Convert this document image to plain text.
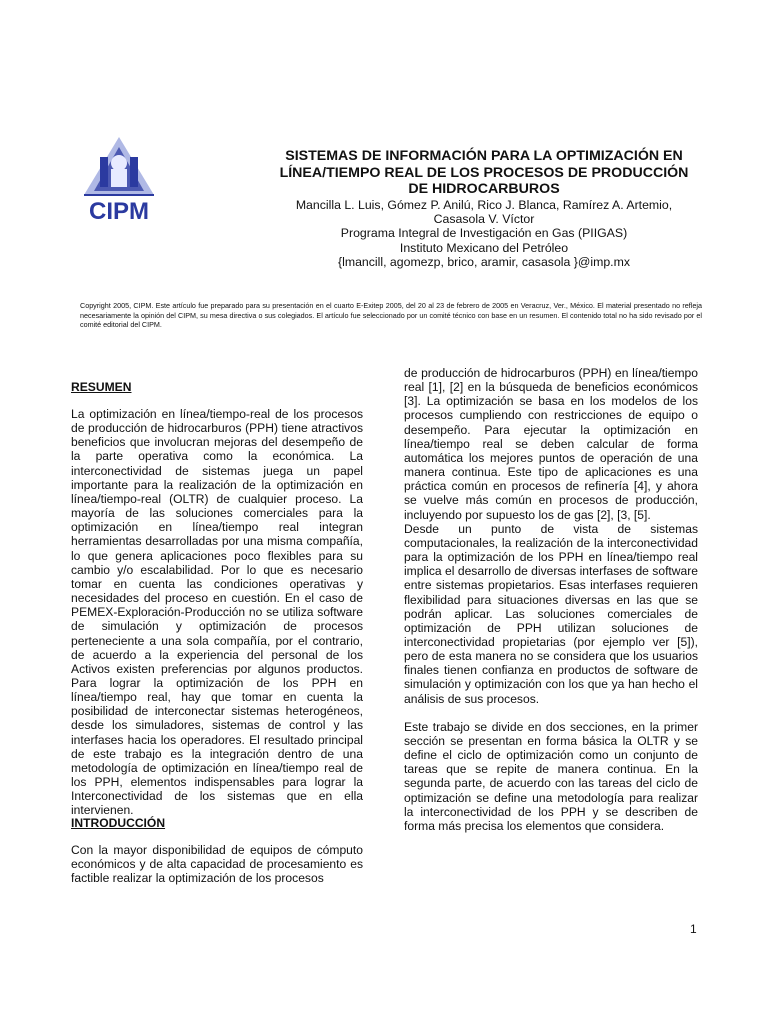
CIPM

SISTEMAS DE INFORMACIÓN PARA LA OPTIMIZACIÓN EN

LÍNEA/TIEMPO REAL DE LOS PROCESOS DE PRODUCCIÓN

DE HIDROCARBUROS

Mancilla L. Luis, Gómez P. Anilú, Rico J. Blanca, Ramírez A. Artemio,

Casasola V. Víctor

Programa Integral de Investigación en Gas (PIIGAS)

Instituto Mexicano del Petróleo

{lmancill, agomezp, brico, aramir, casasola }@imp.mx

Copyright 2005, CIPM. Este artículo fue preparado para su presentación en el cuarto E-Exitep 2005, del 20 al 23 de febrero de 2005 en Veracruz, Ver., México. El material presentado no refleja necesariamente la opinión del CIPM, su mesa directiva o sus colegiados. El artículo fue seleccionado por un comité técnico con base en un resumen. El contenido total no ha sido revisado por el comité editorial del CIPM.
RESUMEN

La optimización en línea/tiempo-real de los procesos de producción de hidrocarburos (PPH) tiene atractivos beneficios que involucran mejoras del desempeño de la parte operativa como la económica. La interconectividad de sistemas juega un papel importante para la realización de la optimización en línea/tiempo-real (OLTR) de cualquier proceso. La mayoría de las soluciones comerciales para la optimización en línea/tiempo real integran herramientas desarrolladas por una misma compañía, lo que genera aplicaciones poco flexibles para su cambio y/o escalabilidad. Por lo que es necesario tomar en cuenta las condiciones operativas y necesidades del proceso en cuestión. En el caso de PEMEX-Exploración-Producción no se utiliza software de simulación y optimización de procesos perteneciente a una sola compañía, por el contrario, de acuerdo a la experiencia del personal de los Activos existen preferencias por algunos productos. Para lograr la optimización de los PPH en línea/tiempo real, hay que tomar en cuenta la posibilidad de interconectar sistemas heterogéneos, desde los simuladores, sistemas de control y las interfases hacia los operadores. El resultado principal de este trabajo es la integración dentro de una metodología de optimización en línea/tiempo real de los PPH, elementos indispensables para lograr la Interconectividad de los sistemas que en ella intervienen.

INTRODUCCIÓN

Con la mayor disponibilidad de equipos de cómputo económicos y de alta capacidad de procesamiento es factible realizar la optimización de los procesos

de producción de hidrocarburos (PPH) en línea/tiempo real [1], [2] en la búsqueda de beneficios económicos [3]. La optimización se basa en los modelos de los procesos cumpliendo con restricciones de equipo o desempeño. Para ejecutar la optimización en línea/tiempo real se deben calcular de forma automática los mejores puntos de operación de una manera continua. Este tipo de aplicaciones es una práctica común en procesos de refinería [4], y ahora se vuelve más común en procesos de producción, incluyendo por supuesto los de gas [2], [3, [5].

Desde un punto de vista de sistemas computacionales, la realización de la interconectividad para la optimización de los PPH en línea/tiempo real implica el desarrollo de diversas interfases de software entre sistemas propietarios. Esas interfases requieren flexibilidad para situaciones diversas en las que se podrán aplicar. Las soluciones comerciales de optimización de PPH utilizan soluciones de interconectividad propietarias (por ejemplo ver [5]), pero de esta manera no se considera que los usuarios finales tienen confianza en productos de software de simulación y optimización con los que ya han hecho el análisis de sus procesos.

Este trabajo se divide en dos secciones, en la primer sección se presentan en forma básica la OLTR y se define el ciclo de optimización como un conjunto de tareas que se repite de manera continua. En la segunda parte, de acuerdo con las tareas del ciclo de optimización se define una metodología para realizar la interconectividad de los PPH y se describen de forma más precisa los elementos que considera.

1
